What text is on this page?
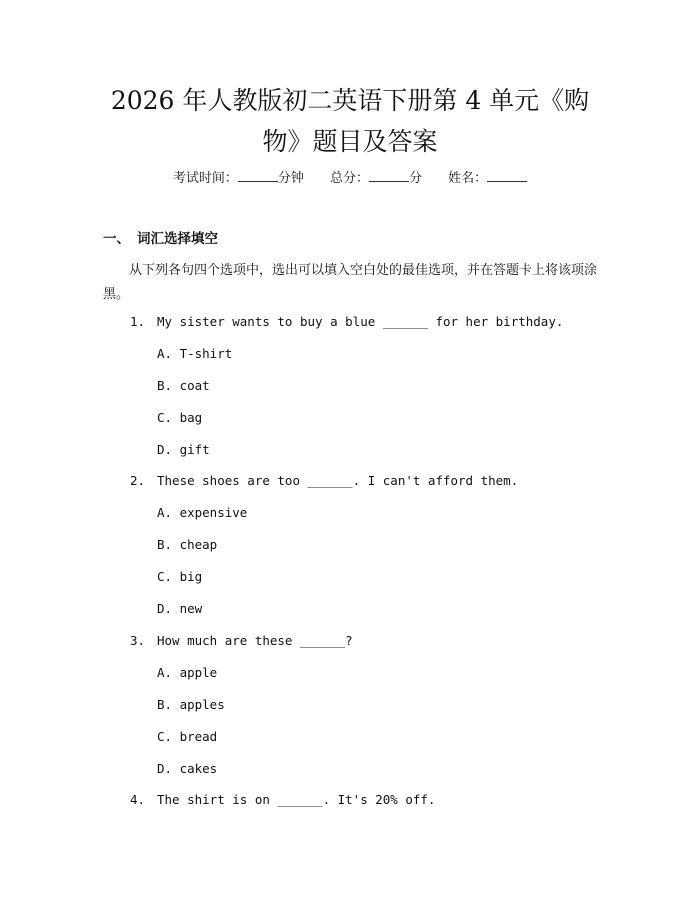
2026 年人教版初二英语下册第 4 单元《购
物》题目及答案
考试时间：	分钟 总分：	分 姓名：
一、 词汇选择填空
从下列各句四个选项中，选出可以填入空白处的最佳选项，并在答题卡上将该项涂黑。
1. My sister wants to buy a blue ______ for her birthday.
A. T-shirt
B. coat
C. bag
D. gift
2. These shoes are too ______. I can't afford them.
A. expensive
B. cheap
C. big
D. new
3. How much are these ______?
A. apple
B. apples
C. bread
D. cakes
4. The shirt is on ______. It's 20% off.
